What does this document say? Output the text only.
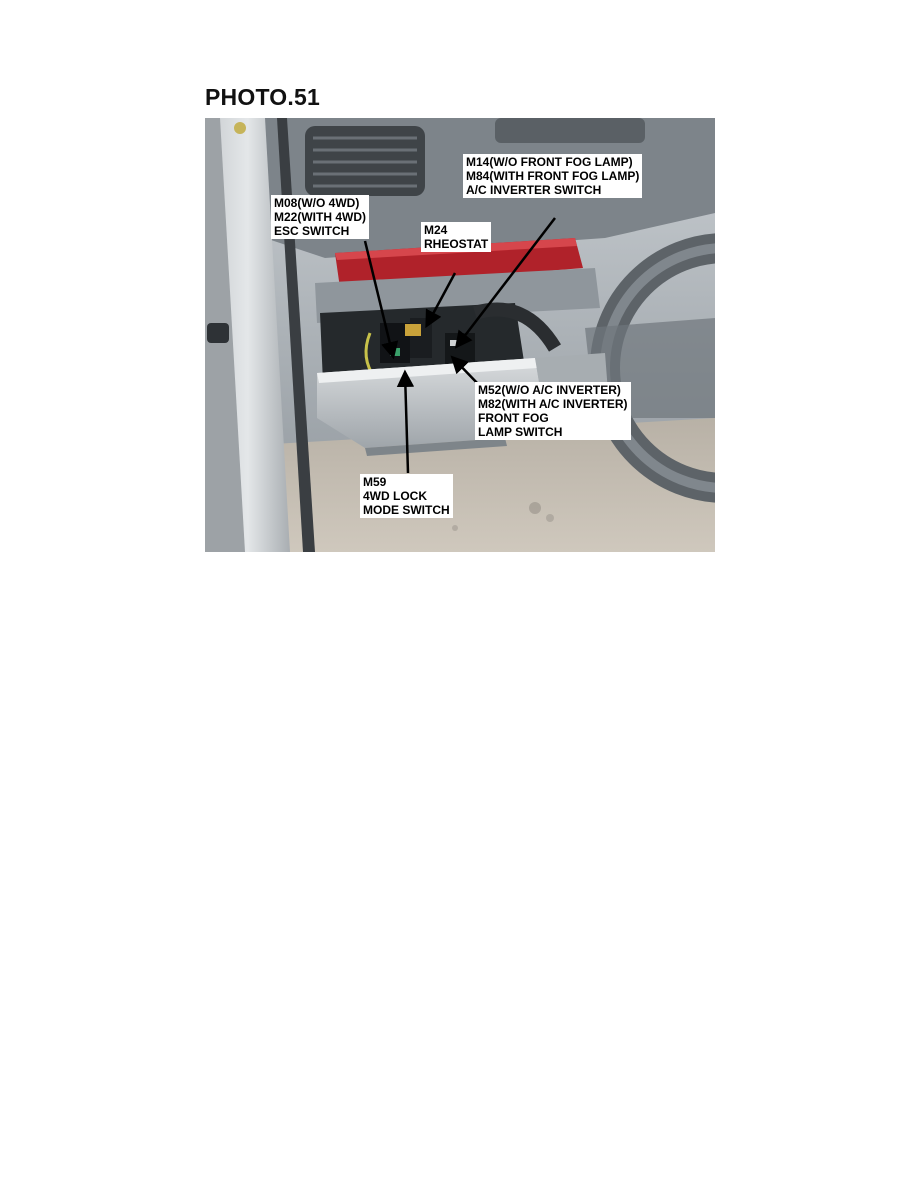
PHOTO.51
M14(W/O FRONT FOG LAMP)
M84(WITH FRONT FOG LAMP)
A/C INVERTER SWITCH
M08(W/O 4WD)
M22(WITH 4WD)
ESC SWITCH	M24
RHEOSTAT
M52(W/O A/C INVERTER)
M82(WITH A/C INVERTER)
FRONT FOG
LAMP SWITCH
M59
4WD LOCK
MODE SWITCH
